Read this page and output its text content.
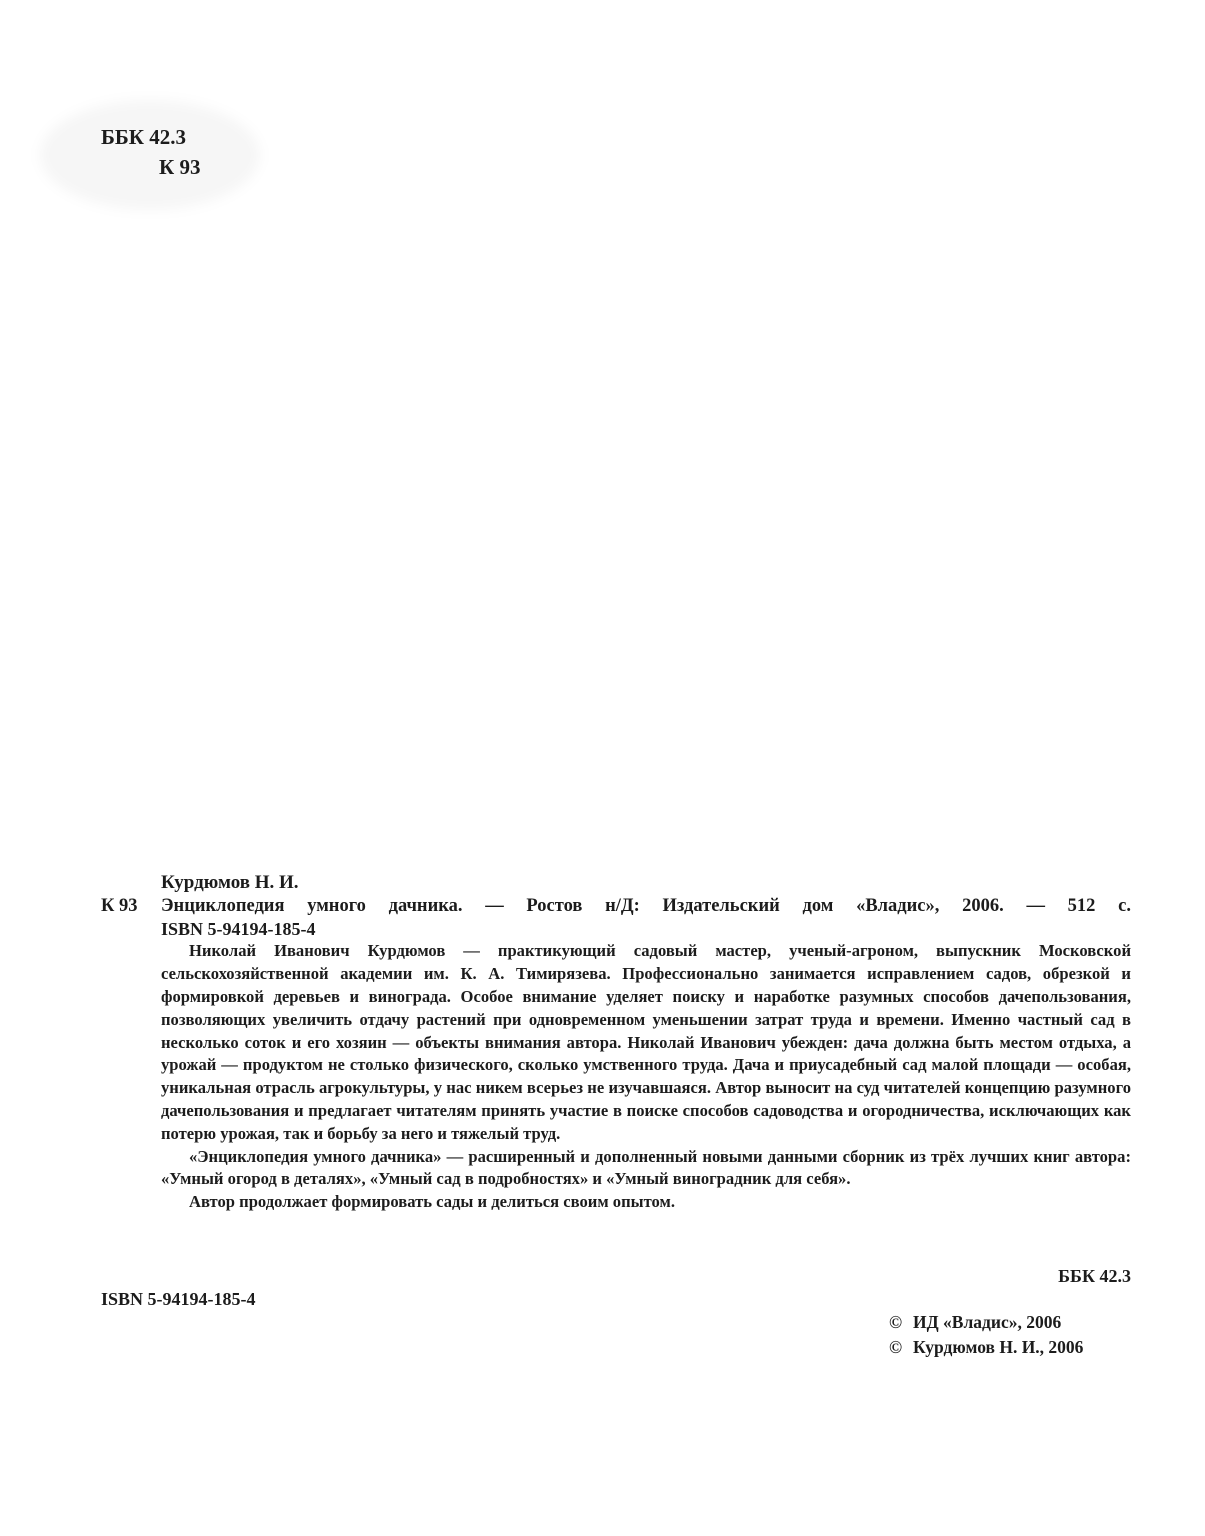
ББК 42.3
К 93
Курдюмов Н. И.
К 93	Энциклопедия умного дачника. — Ростов н/Д: Издательский дом «Владис», 2006. — 512 с.
ISBN 5-94194-185-4

Николай Иванович Курдюмов — практикующий садовый мастер, ученый-агроном, выпускник Московской сельскохозяйственной академии им. К. А. Тимирязева. Профессионально занимается исправлением садов, обрезкой и формировкой деревьев и винограда. Особое внимание уделяет поиску и наработке разумных способов дачепользования, позволяющих увеличить отдачу растений при одновременном уменьшении затрат труда и времени. Именно частный сад в несколько соток и его хозяин — объекты внимания автора. Николай Иванович убежден: дача должна быть местом отдыха, а урожай — продуктом не столько физического, сколько умственного труда. Дача и приусадебный сад малой площади — особая, уникальная отрасль агрокультуры, у нас никем всерьез не изучавшаяся. Автор выносит на суд читателей концепцию разумного дачепользования и предлагает читателям принять участие в поиске способов садоводства и огородничества, исключающих как потерю урожая, так и борьбу за него и тяжелый труд.

«Энциклопедия умного дачника» — расширенный и дополненный новыми данными сборник из трёх лучших книг автора: «Умный огород в деталях», «Умный сад в подробностях» и «Умный виноградник для себя».

Автор продолжает формировать сады и делиться своим опытом.

ББК 42.3
ISBN 5-94194-185-4
© ИД «Владис», 2006
© Курдюмов Н. И., 2006
